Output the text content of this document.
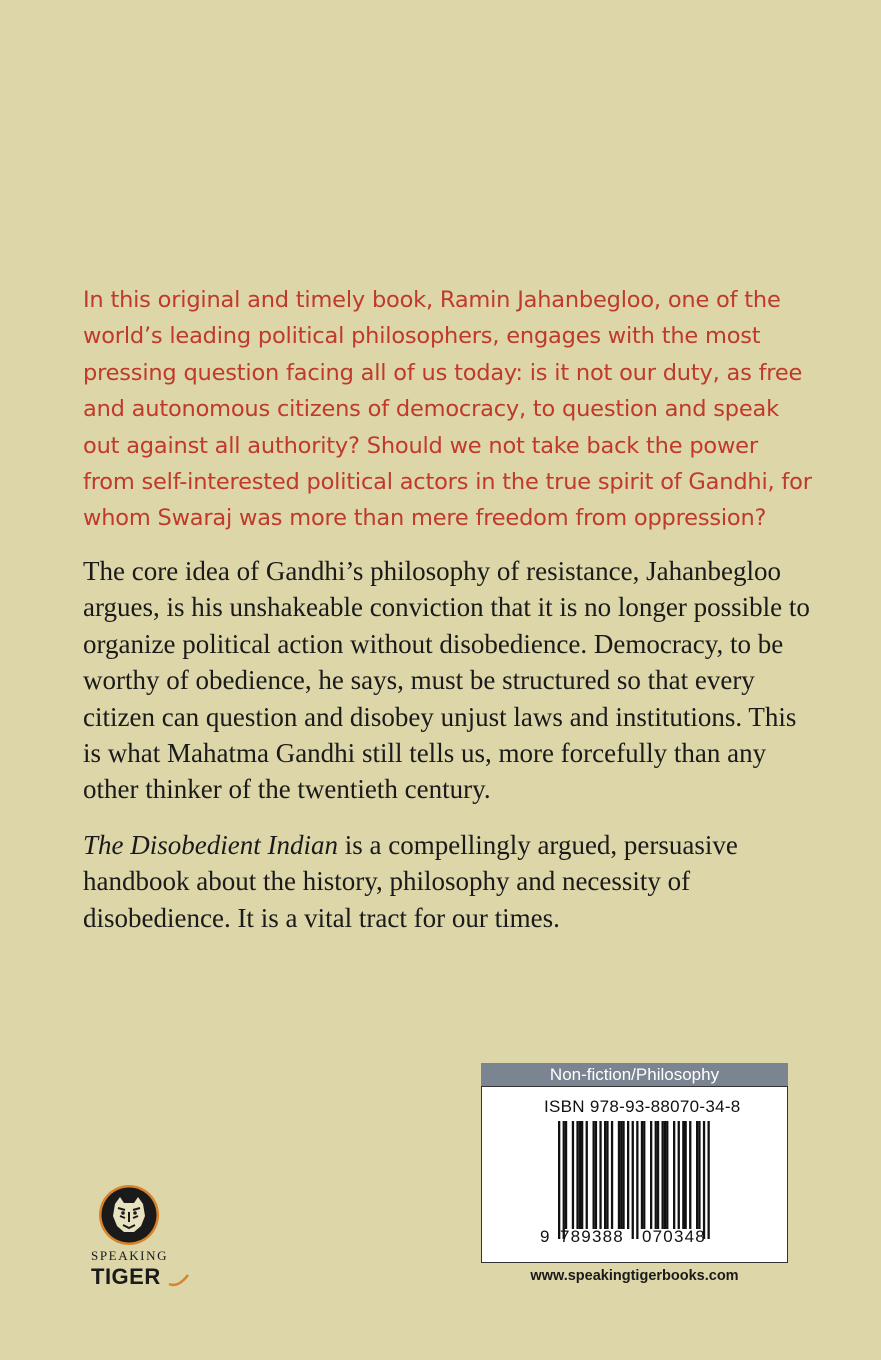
In this original and timely book, Ramin Jahanbegloo, one of the world’s leading political philosophers, engages with the most pressing question facing all of us today: is it not our duty, as free and autonomous citizens of democracy, to question and speak out against all authority? Should we not take back the power from self-interested political actors in the true spirit of Gandhi, for whom Swaraj was more than mere freedom from oppression?

The core idea of Gandhi’s philosophy of resistance, Jahanbegloo argues, is his unshakeable conviction that it is no longer possible to organize political action without disobedience. Democracy, to be worthy of obedience, he says, must be structured so that every citizen can question and disobey unjust laws and institutions. This is what Mahatma Gandhi still tells us, more forcefully than any other thinker of the twentieth century.

The Disobedient Indian is a compellingly argued, persuasive handbook about the history, philosophy and necessity of disobedience. It is a vital tract for our times.

Non-fiction/Philosophy
ISBN 978-93-88070-34-8
9 789388 070348
www.speakingtigerbooks.com
SPEAKING
TIGER
